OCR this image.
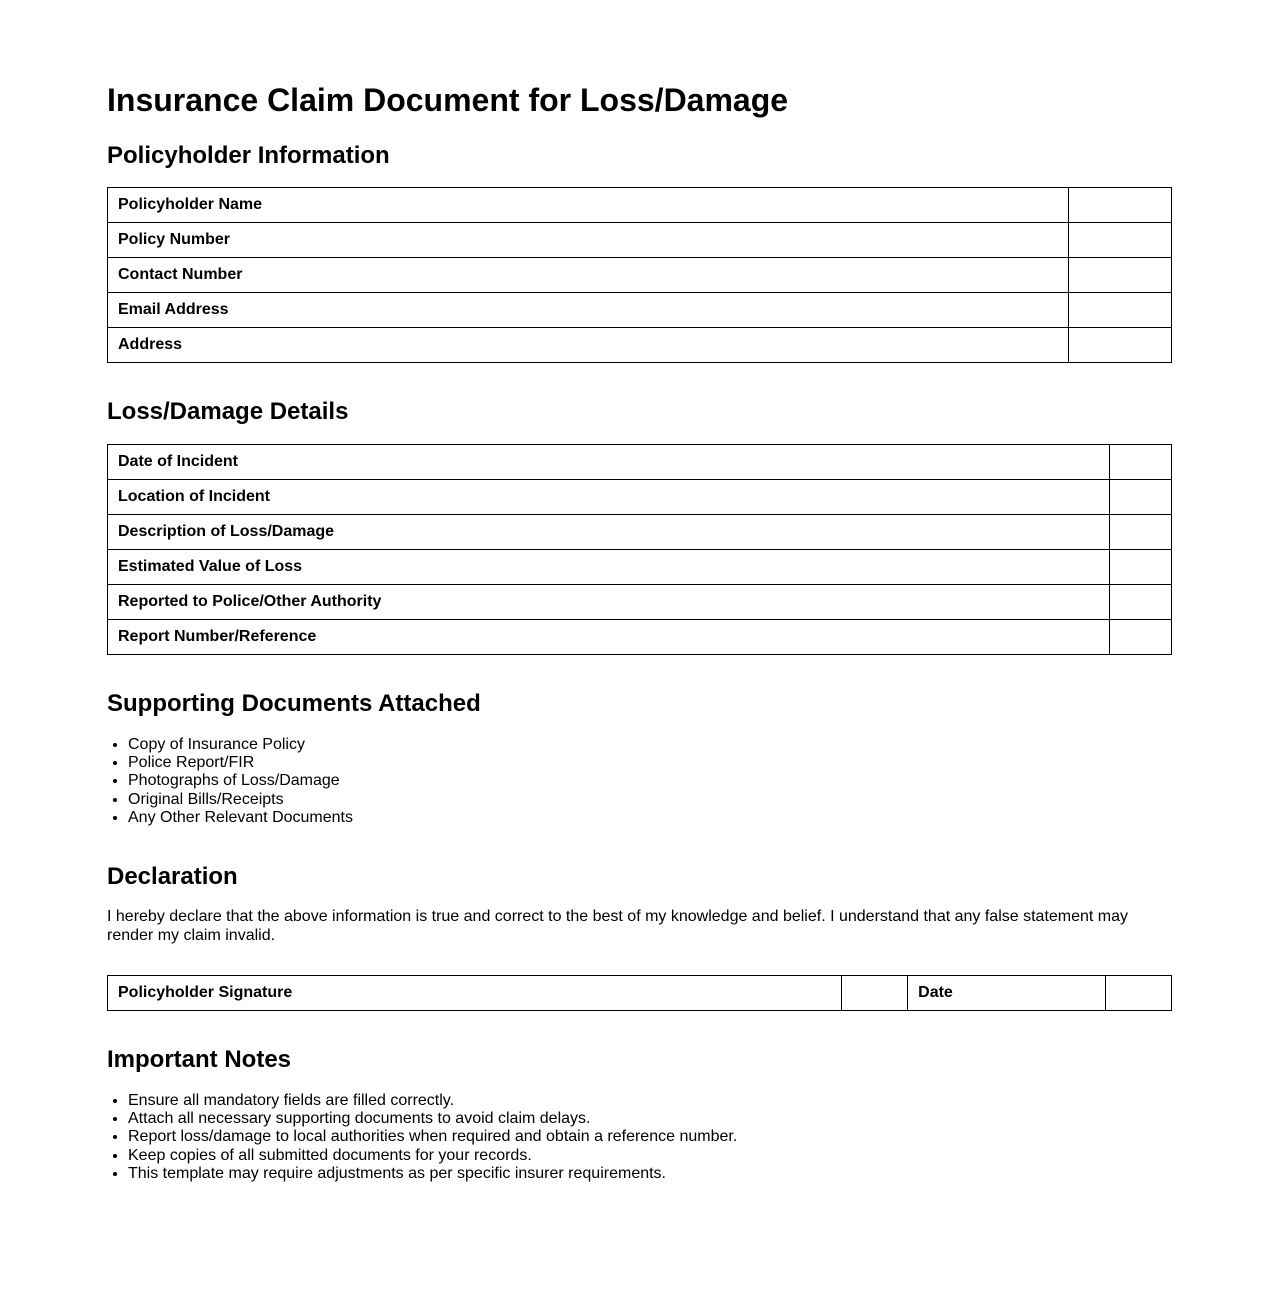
Insurance Claim Document for Loss/Damage
Policyholder Information
Policyholder Name	
Policy Number	
Contact Number	
Email Address	
Address	
Loss/Damage Details
Date of Incident	
Location of Incident	
Description of Loss/Damage	
Estimated Value of Loss	
Reported to Police/Other Authority	
Report Number/Reference	
Supporting Documents Attached
• Copy of Insurance Policy
• Police Report/FIR
• Photographs of Loss/Damage
• Original Bills/Receipts
• Any Other Relevant Documents
Declaration

I hereby declare that the above information is true and correct to the best of my knowledge and belief. I understand that any false statement may render my claim invalid.

Policyholder Signature		Date	
Important Notes
• Ensure all mandatory fields are filled correctly.
• Attach all necessary supporting documents to avoid claim delays.
• Report loss/damage to local authorities when required and obtain a reference number.
• Keep copies of all submitted documents for your records.
• This template may require adjustments as per specific insurer requirements.
